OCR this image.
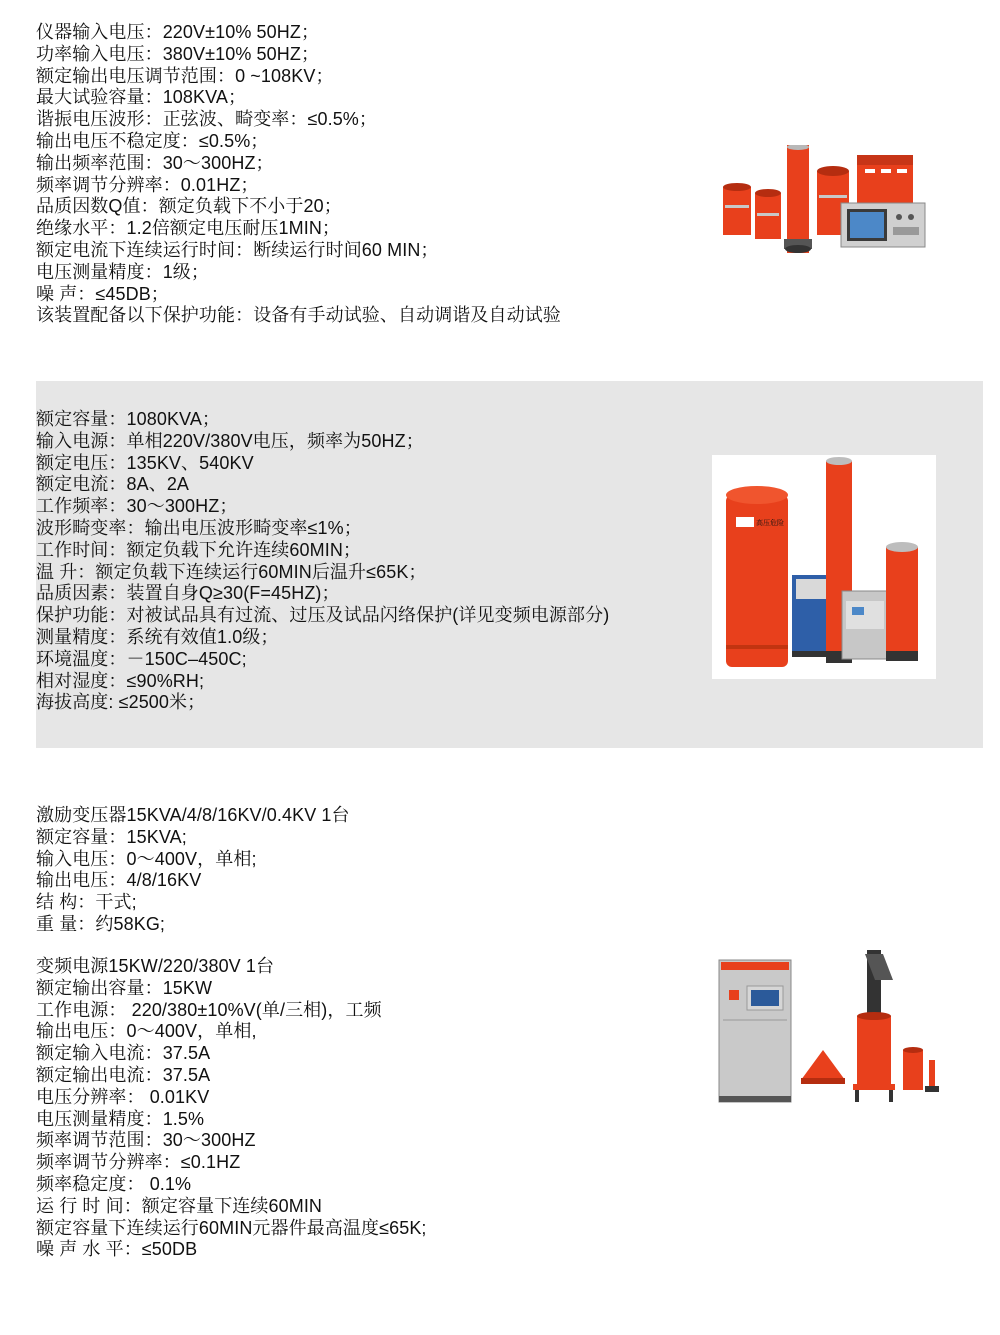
仪器输入电压：220V±10% 50HZ；
功率输入电压：380V±10% 50HZ；
额定输出电压调节范围：0 ~108KV；
最大试验容量：108KVA；
谐振电压波形：正弦波、畸变率：≤0.5%；
输出电压不稳定度：≤0.5%；
输出频率范围：30～300HZ；
频率调节分辨率：0.01HZ；
品质因数Q值：额定负载下不小于20；
绝缘水平：1.2倍额定电压耐压1MIN；
额定电流下连续运行时间：断续运行时间60 MIN；
电压测量精度：1级；
噪 声：≤45DB；
该装置配备以下保护功能：设备有手动试验、自动调谐及自动试验
额定容量：1080KVA；
输入电源：单相220V/380V电压，频率为50HZ；
额定电压：135KV、540KV
额定电流：8A、2A
工作频率：30～300HZ；
波形畸变率：输出电压波形畸变率≤1%；
工作时间：额定负载下允许连续60MIN；
温 升：额定负载下连续运行60MIN后温升≤65K；
品质因素：装置自身Q≥30(F=45HZ)；
保护功能：对被试品具有过流、过压及试品闪络保护(详见变频电源部分)
测量精度：系统有效值1.0级；
环境温度：－150C–450C;
相对湿度：≤90%RH;
海拔高度: ≤2500米；
高压危险
激励变压器15KVA/4/8/16KV/0.4KV 1台
额定容量：15KVA;
输入电压：0～400V，单相;
输出电压：4/8/16KV
结 构：干式;
重 量：约58KG;
变频电源15KW/220/380V 1台
额定输出容量：15KW
工作电源： 220/380±10%V(单/三相)，工频
输出电压：0～400V，单相,
额定输入电流：37.5A
额定输出电流：37.5A
电压分辨率： 0.01KV
电压测量精度：1.5%
频率调节范围：30～300HZ
频率调节分辨率：≤0.1HZ
频率稳定度： 0.1%
运 行 时 间：额定容量下连续60MIN
额定容量下连续运行60MIN元器件最高温度≤65K;
噪 声 水 平：≤50DB
